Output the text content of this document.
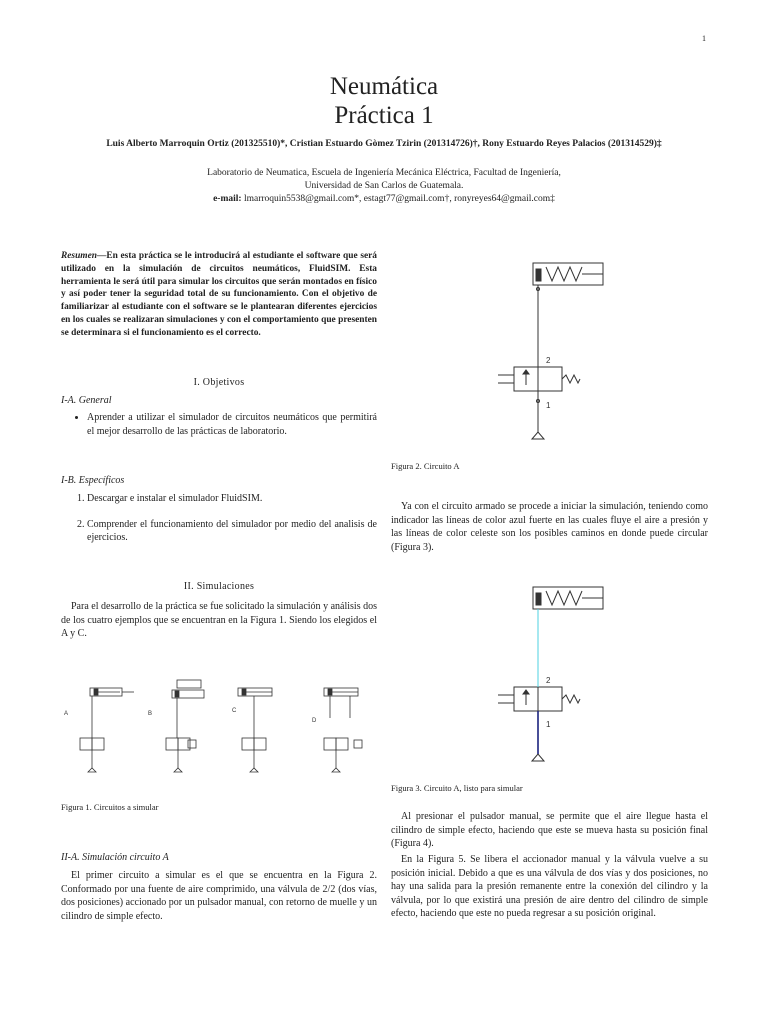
1
Neumática
Práctica 1
Luis Alberto Marroquin Ortiz (201325510)*, Cristian Estuardo Gòmez Tzirin (201314726)†, Rony Estuardo Reyes Palacios (201314529)‡
Laboratorio de Neumatica, Escuela de Ingeniería Mecánica Eléctrica, Facultad de Ingeniería,
Universidad de San Carlos de Guatemala.
e-mail: lmarroquin5538@gmail.com*, estagt77@gmail.com†, ronyreyes64@gmail.com‡
Resumen—En esta práctica se le introducirá al estudiante el software que será utilizado en la simulación de circuitos neumáticos, FluidSIM. Esta herramienta le será útil para simular los circuitos que serán montados en físico y así poder tener la seguridad total de su funcionamiento. Con el objetivo de familiarizar al estudiante con el software se le plantearan diferentes ejercicios en los cuales se realizaran simulaciones y con el comportamiento que presenten se determinara si el funcionamiento es el correcto.
I. Objetivos
I-A. General
• Aprender a utilizar el simulador de circuitos neumáticos que permitirá el mejor desarrollo de las prácticas de laboratorio.
I-B. Específicos
1. Descargar e instalar el simulador FluidSIM.
2. Comprender el funcionamiento del simulador por medio del analisis de ejercicios.
II. Simulaciones

Para el desarrollo de la práctica se fue solicitado la simulación y análisis dos de los cuatro ejemplos que se encuentran en la Figura 1. Siendo los elegidos el A y C.

A	B	C
D
Figura 1. Circuitos a simular
II-A. Simulación circuito A

El primer circuito a simular es el que se encuentra en la Figura 2. Conformado por una fuente de aire comprimido, una válvula de 2/2 (dos vías, dos posiciones) accionado por un pulsador manual, con retorno de muelle y un cilindro de simple efecto.

2
1
Figura 2. Circuito A

Ya con el circuito armado se procede a iniciar la simulación, teniendo como indicador las líneas de color azul fuerte en las cuales fluye el aire a presión y las líneas de color celeste son los posibles caminos en donde puede circular (Figura 3).

2
1
Figura 3. Circuito A, listo para simular

Al presionar el pulsador manual, se permite que el aire llegue hasta el cilindro de simple efecto, haciendo que este se mueva hasta su posición final (Figura 4).

En la Figura 5. Se libera el accionador manual y la válvula vuelve a su posición inicial. Debido a que es una válvula de dos vías y dos posiciones, no hay una salida para la presión remanente entre la conexión del cilindro y la válvula, por lo que existirá una presión de aire dentro del cilindro de simple efecto, haciendo que este no pueda regresar a su posición original.
